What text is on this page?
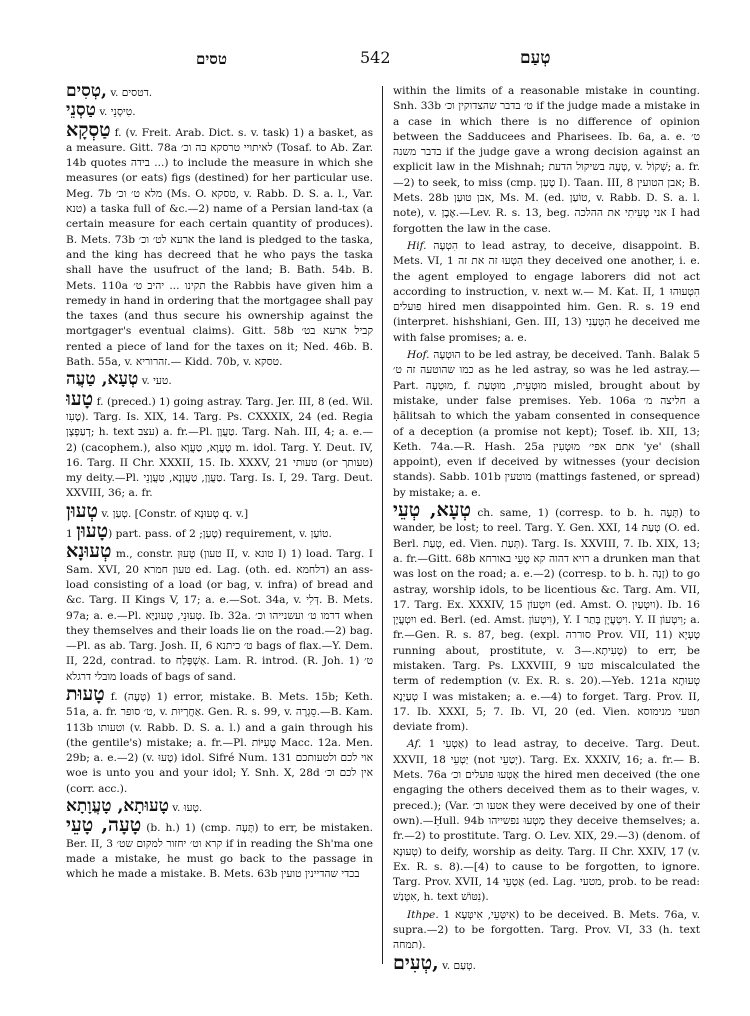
טסים	542	טְעַם
טְסִים, v. דטסים.
טַסְנֵי v. טִיסְנֵי.
טַסְקָא f. (v. Freit. Arab. Dict. s. v. task) 1) a basket, as a measure. Gitt. 78a לאיתויי טרסקא בה וכ׳ (Tosaf. to Ab. Zar. 14b quotes בידה ...) to include the measure in which she measures (or eats) figs (destined) for her particular use. Meg. 7b מלא ט׳ וכ׳ (Ms. O. טסקא, v. Rabb. D. S. a. l., Var. טנא) a taska full of &c.—2) name of a Persian land-tax (a certain measure for each certain quantity of produces). B. Mets. 73b ארעא לט׳ וכ׳ the land is pledged to the taska, and the king has decreed that he who pays the taska shall have the usufruct of the land; B. Bath. 54b. B. Mets. 110a תקינו ... יהיב ט׳ the Rabbis have given him a remedy in hand in ordering that the mortgagee shall pay the taxes (and thus secure his ownership against the mortgager's eventual claims). Gitt. 58b קביל ארעא בט׳ rented a piece of land for the taxes on it; Ned. 46b. B. Bath. 55a, v. זהרוריא.— Kidd. 70b, v. טסקא.
טְעָא, טַעֲה v. טעי.
טָעוּ f. (preced.) 1) going astray. Targ. Jer. III, 8 (ed. Wil. טָעִו). Targ. Is. XIX, 14. Targ. Ps. CXXXIX, 24 (ed. Regia דְעַפְצָן; h. text עצב) a. fr.—Pl. טַעֲוָן. Targ. Nah. III, 4; a. e.—2) (cacophem.), also טָעֲוָא, טַעֲוָא m. idol. Targ. Y. Deut. IV, 16. Targ. II Chr. XXXII, 15. Ib. XXXV, 21 טעותי (or טעותך) my deity.—Pl. טַעֲוָן, טַעֲוָנָא, טַעֲוָנֵי. Targ. Is. I, 29. Targ. Deut. XXVIII, 36; a. fr.
טְעוּן v. טְעַן. [Constr. of טְעוּנָא q. v.]
טָעוּן 1) part. pass. of טָעַן; 2) requirement, v. טוֹעַן.
טְעוּנָא m., constr. טְעוּן (טעון II, v. טונא I) 1) load. Targ. I Sam. XVI, 20 טעון חמרא ed. Lag. (oth. ed. דלחמא) an ass-load consisting of a load (or bag, v. infra) of bread and &c. Targ. II Kings V, 17; a. e.—Sot. 34a, v. דְּלִי. B. Mets. 97a; a. e.—Pl. טְעוּנֵי, טְעוּנַיָּא. Ib. 32a. דרמו ט׳ ועשנייהו וכ׳ when they themselves and their loads lie on the road.—2) bag.—Pl. as ab. Targ. Josh. II, 6 ט׳ כיתנא bags of flax.—Y. Dem. II, 22d, contrad. to אַשְׁפָּלַח. Lam. R. introd. (R. Joh. 1) ט׳ מובלי דרגלא loads of bags of sand.
טָעוּת f. (טָעָה) 1) error, mistake. B. Mets. 15b; Keth. 51a, a. fr. ט׳ סופר, v. אַחֲרָיוּת. Gen. R. s. 99, v. סֵגְרָה.—B. Kam. 113b וטעותו (v. Rabb. D. S. a. l.) and a gain through his (the gentile's) mistake; a. fr.—Pl. טָעִיּוֹת Macc. 12a. Men. 29b; a. e.—2) (v. טָעוּ) idol. Sifré Num. 131 אוי לכם ולטעותכם woe is unto you and your idol; Y. Snh. X, 28d אין לכם וכ׳ (corr. acc.).
טָעוּתָא, טָעֲוָתָא v. טָעוּ.
טָעָה, טָעֵי (b. h.) 1) (cmp. תָּעָה) to err, be mistaken. Ber. II, 3 קרא וט׳ יחזור למקום שט׳ if in reading the Sh'ma one made a mistake, he must go back to the passage in which he made a mistake. B. Mets. 63b בכדי שהדיינין טועין
within the limits of a reasonable mistake in counting. Snh. 33b ט׳ בדבר שהצדוקין וכ׳ if the judge made a mistake in a case in which there is no difference of opinion between the Sadducees and Pharisees. Ib. 6a, a. e. ט׳ בדבר משנה if the judge gave a wrong decision against an explicit law in the Mishnah; טָעָה בשיקול הדעת, v. שְׁקוֹל; a. fr.—2) to seek, to miss (cmp. טָעַן I). Taan. III, 8 אבן הטועין; B. Mets. 28b אבן טוּעַן, Ms. M. (ed. טוֹעַן, v. Rabb. D. S. a. l. note), v. אֶבֶן.—Lev. R. s. 13, beg. אני טְעִיתִי את ההלכה I had forgotten the law in the case.
Hif. הִטְעָה to lead astray, to deceive, disappoint. B. Mets. VI, 1 הִטְעוּ זה את זה they deceived one another, i. e. the agent employed to engage laborers did not act according to instruction, v. next w.— M. Kat. II, 1 הִטְעוּהוּ פועלים hired men disappointed him. Gen. R. s. 19 end (interpret. hishshiani, Gen. III, 13) הִטְעַנִי he deceived me with false promises; a. e.
Hof. הוּטְעָה to be led astray, be deceived. Tanh. Balak 5 כמו שהוטעה זה ט׳ as he led astray, so was he led astray.— Part. מוּטְעָה, f. מוּטְעֵית, מוּטְעַת misled, brought about by mistake, under false premises. Yeb. 106a חליצה מ׳ a ḥălitsah to which the yabam consented in consequence of a deception (a promise not kept); Tosef. ib. XII, 13; Keth. 74a.—R. Hash. 25a אתם אפי׳ מוּטְעִין 'ye' (shall appoint), even if deceived by witnesses (your decision stands). Sabb. 101b מוטעין (mattings fastened, or spread) by mistake; a. e.
טְעָא, טְעֵי ch. same, 1) (corresp. to b. h. תָּעָה) to wander, be lost; to reel. Targ. Y. Gen. XXI, 14 טְעַת (O. ed. Berl. טְעַת, ed. Vien. תְּעַת). Targ. Is. XXVIII, 7. Ib. XIX, 13; a. fr.—Gitt. 68b רויא דהוה קא טָעֵי באורחא a drunken man that was lost on the road; a. e.—2) (corresp. to b. h. זָנָה) to go astray, worship idols, to be licentious &c. Targ. Am. VII, 17. Targ. Ex. XXXIV, 15 ויִטְעוֹן (ed. Amst. O. ויִטְעַיִן). Ib. 16 ויִטְעֲיָן ed. Berl. (ed. Amst. וִיטְעוֹן), Y. I וִיטְעֲיָן בָּתַר. Y. II וִיטְעוֹן; a. fr.—Gen. R. s. 87, beg. (expl. סוררה Prov. VII, 11) טָעְיָא running about, prostitute, v. טְעִיתָא.—3) to err, be mistaken. Targ. Ps. LXXVIII, 9 טעו miscalculated the term of redemption (v. Ex. R. s. 20).—Yeb. 121a טְעוּתָא טְעַיְנָא I was mistaken; a. e.—4) to forget. Targ. Prov. II, 17. Ib. XXXI, 5; 7. Ib. VI, 20 (ed. Vien. תטעי מנימוסא deviate from).
Af. אַטְעִי 1) to lead astray, to deceive. Targ. Deut. XXVII, 18 יַטְעֵי (not יְטַעֵי). Targ. Ex. XXXIV, 16; a. fr.— B. Mets. 76a אַטְעוּ פועלים וכ׳ the hired men deceived (the one engaging the others deceived them as to their wages, v. preced.); (Var. אטעו וכ׳ they were deceived by one of their own).—Ḥull. 94b מַטְעוּ נפשייהו they deceive themselves; a. fr.—2) to prostitute. Targ. O. Lev. XIX, 29.—3) (denom. of טְעוּנָא) to deify, worship as deity. Targ. II Chr. XXIV, 17 (v. Ex. R. s. 8).—[4) to cause to be forgotten, to ignore. Targ. Prov. XVII, 14 אַטְעֵי (ed. Lag. מטעי, prob. to be read: אִטְנַשׁ, h. text נִטּוֹשׁ).
Ithpe. אִיטְּעֵי, אִיטְּעָא 1) to be deceived. B. Mets. 76a, v. supra.—2) to be forgotten. Targ. Prov. VI, 33 (h. text תמחה).
טְעִים, v. טְעַם.
